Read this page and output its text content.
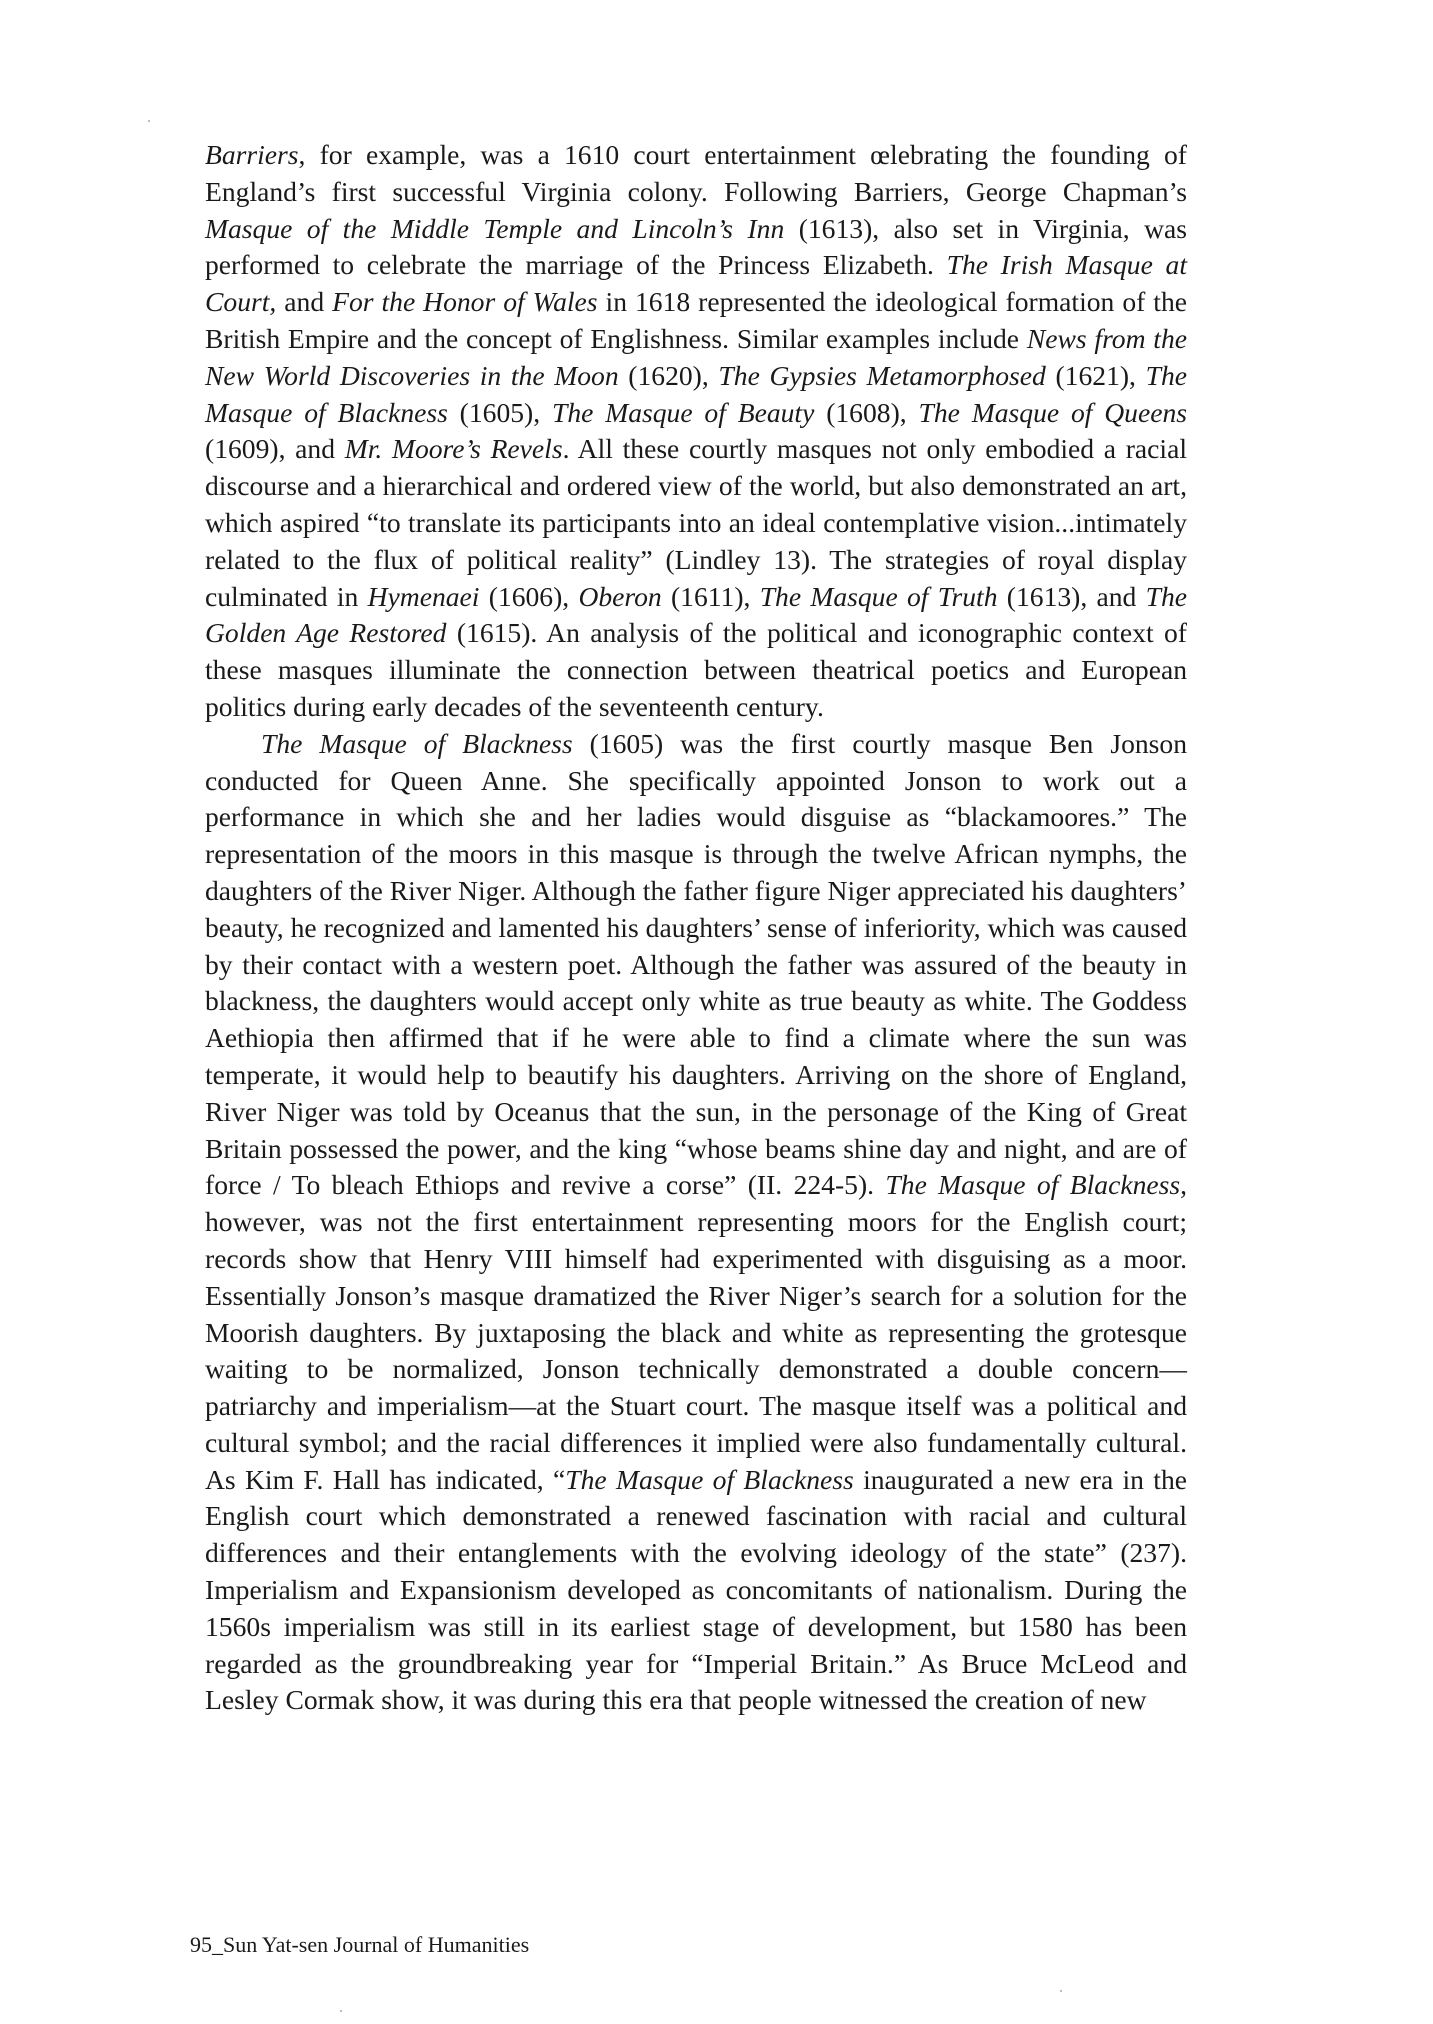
Barriers, for example, was a 1610 court entertainment œlebrating the founding of England’s first successful Virginia colony. Following Barriers, George Chapman’s Masque of the Middle Temple and Lincoln’s Inn (1613), also set in Virginia, was performed to celebrate the marriage of the Princess Elizabeth. The Irish Masque at Court, and For the Honor of Wales in 1618 represented the ideological formation of the British Empire and the concept of Englishness. Similar examples include News from the New World Discoveries in the Moon (1620), The Gypsies Metamorphosed (1621), The Masque of Blackness (1605), The Masque of Beauty (1608), The Masque of Queens (1609), and Mr. Moore’s Revels. All these courtly masques not only embodied a racial discourse and a hierarchical and ordered view of the world, but also demonstrated an art, which aspired “to translate its participants into an ideal contemplative vision...intimately related to the flux of political reality” (Lindley 13). The strategies of royal display culminated in Hymenaei (1606), Oberon (1611), The Masque of Truth (1613), and The Golden Age Restored (1615). An analysis of the political and iconographic context of these masques illuminate the connection between theatrical poetics and European politics during early decades of the seventeenth century.

The Masque of Blackness (1605) was the first courtly masque Ben Jonson conducted for Queen Anne. She specifically appointed Jonson to work out a performance in which she and her ladies would disguise as “blackamoores.” The representation of the moors in this masque is through the twelve African nymphs, the daughters of the River Niger. Although the father figure Niger appreciated his daughters’ beauty, he recognized and lamented his daughters’ sense of inferiority, which was caused by their contact with a western poet. Although the father was assured of the beauty in blackness, the daughters would accept only white as true beauty as white. The Goddess Aethiopia then affirmed that if he were able to find a climate where the sun was temperate, it would help to beautify his daughters. Arriving on the shore of England, River Niger was told by Oceanus that the sun, in the personage of the King of Great Britain possessed the power, and the king “whose beams shine day and night, and are of force / To bleach Ethiops and revive a corse” (II. 224-5). The Masque of Blackness, however, was not the first entertainment representing moors for the English court; records show that Henry VIII himself had experimented with disguising as a moor. Essentially Jonson’s masque dramatized the River Niger’s search for a solution for the Moorish daughters. By juxtaposing the black and white as representing the grotesque waiting to be normalized, Jonson technically demonstrated a double concern—patriarchy and imperialism—at the Stuart court. The masque itself was a political and cultural symbol; and the racial differences it implied were also fundamentally cultural. As Kim F. Hall has indicated, “The Masque of Blackness inaugurated a new era in the English court which demonstrated a renewed fascination with racial and cultural differences and their entanglements with the evolving ideology of the state” (237). Imperialism and Expansionism developed as concomitants of nationalism. During the 1560s imperialism was still in its earliest stage of development, but 1580 has been regarded as the groundbreaking year for “Imperial Britain.” As Bruce McLeod and Lesley Cormak show, it was during this era that people witnessed the creation of new

95_Sun Yat-sen Journal of Humanities
